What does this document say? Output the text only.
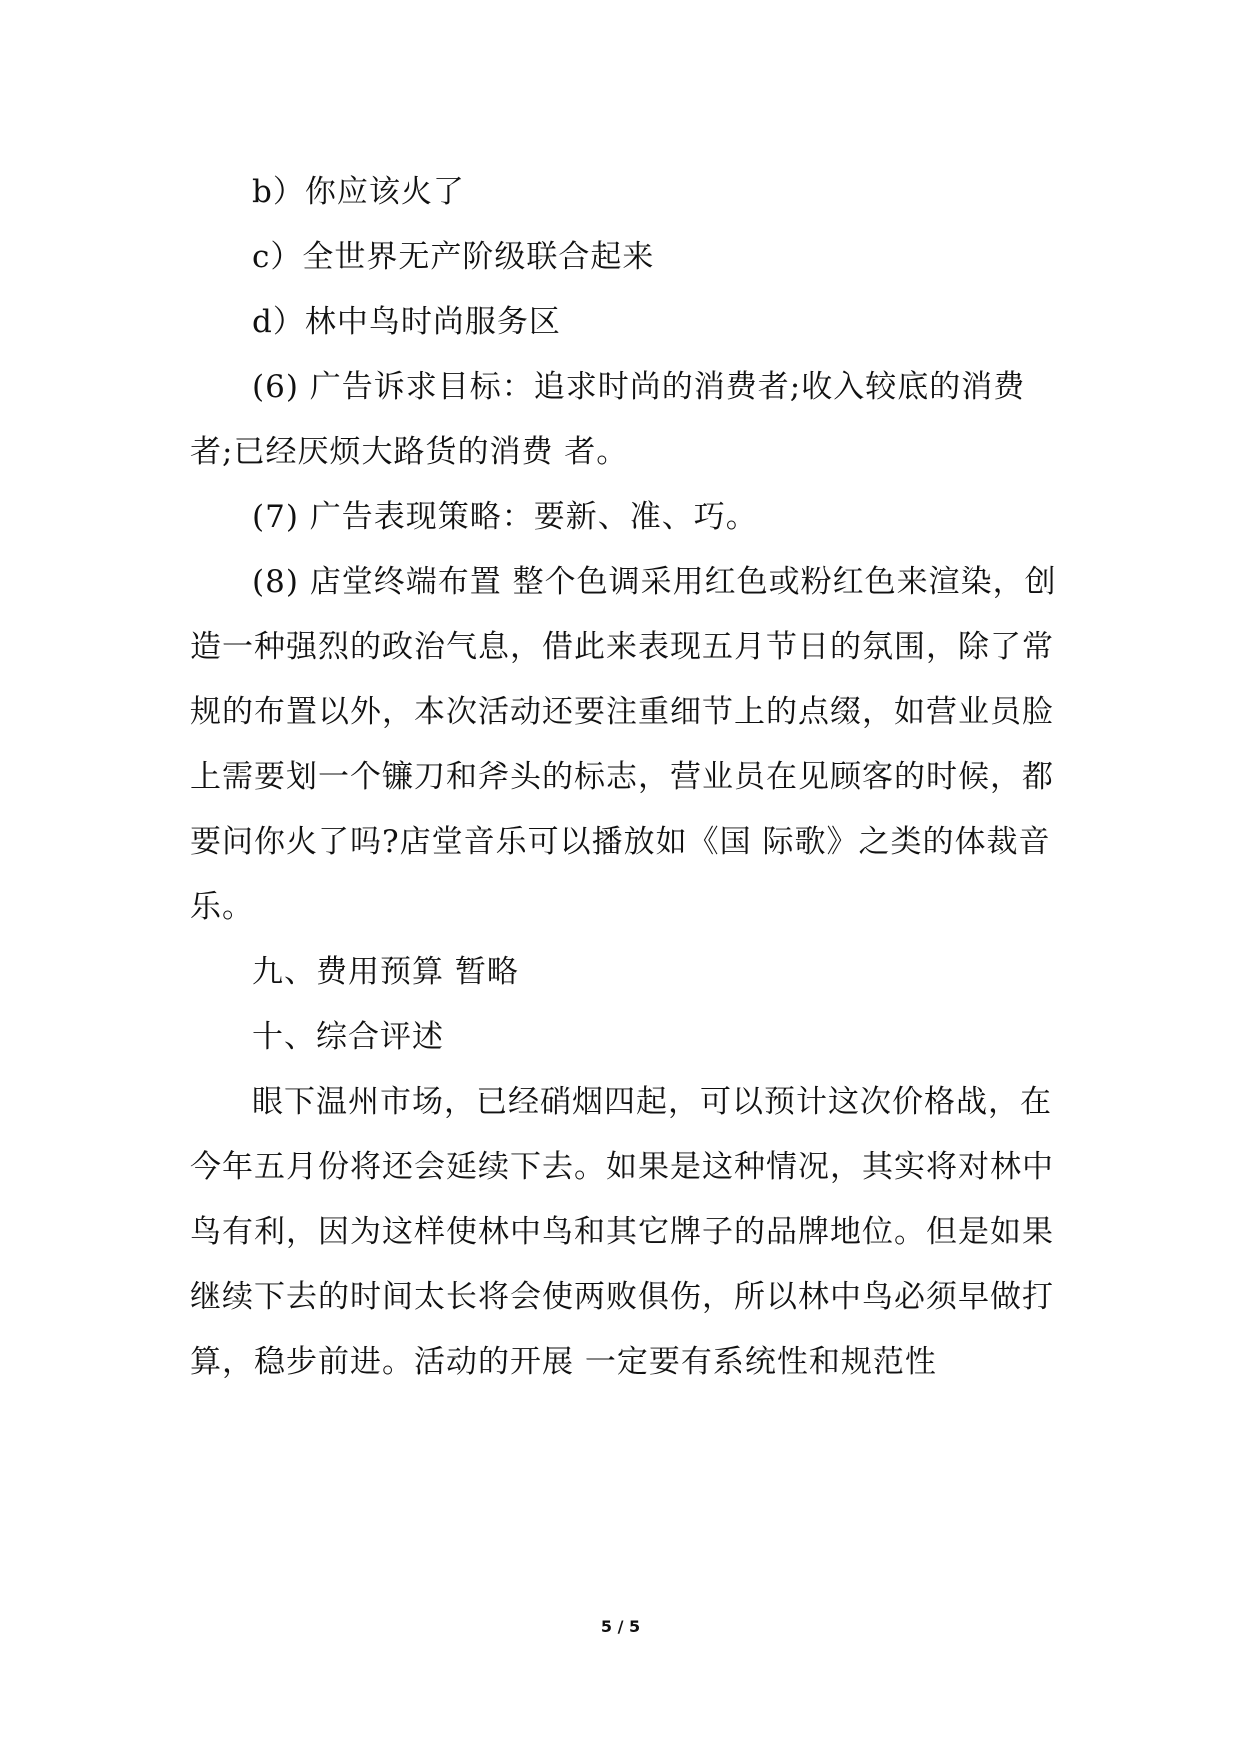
b）你应该火了

c）全世界无产阶级联合起来

d）林中鸟时尚服务区

(6) 广告诉求目标：追求时尚的消费者;收入较底的消费者;已经厌烦大路货的消费 者。

(7) 广告表现策略：要新、准、巧。

(8) 店堂终端布置 整个色调采用红色或粉红色来渲染，创造一种强烈的政治气息，借此来表现五月节日的氛围，除了常规的布置以外，本次活动还要注重细节上的点缀，如营业员脸上需要划一个镰刀和斧头的标志，营业员在见顾客的时候，都要问你火了吗?店堂音乐可以播放如《国 际歌》之类的体裁音乐。

九、费用预算 暂略

十、综合评述

眼下温州市场，已经硝烟四起，可以预计这次价格战，在今年五月份将还会延续下去。如果是这种情况，其实将对林中鸟有利，因为这样使林中鸟和其它牌子的品牌地位。但是如果继续下去的时间太长将会使两败俱伤，所以林中鸟必须早做打算，稳步前进。活动的开展 一定要有系统性和规范性

5 / 5
